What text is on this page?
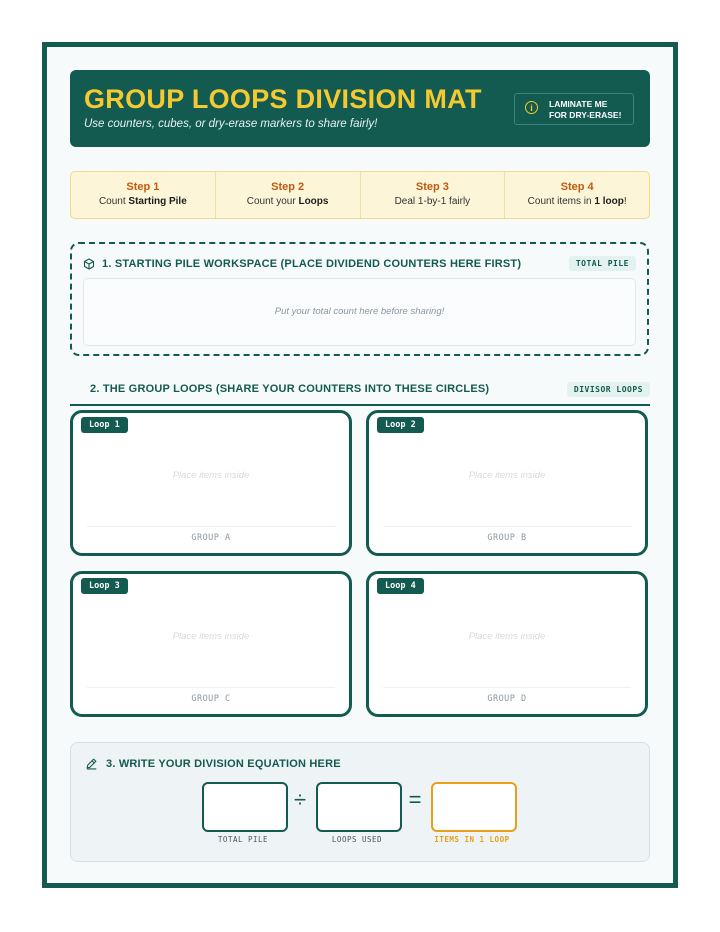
GROUP LOOPS DIVISION MAT
Use counters, cubes, or dry-erase markers to share fairly!
i	LAMINATE ME
FOR DRY-ERASE!
Step 1
Count Starting Pile
Step 2
Count your Loops
Step 3
Deal 1-by-1 fairly
Step 4
Count items in 1 loop!
1. STARTING PILE WORKSPACE (PLACE DIVIDEND COUNTERS HERE FIRST)	TOTAL PILE
Put your total count here before sharing!
2. THE GROUP LOOPS (SHARE YOUR COUNTERS INTO THESE CIRCLES)	DIVISOR LOOPS
Loop 1
Place items inside
GROUP A
Loop 2
Place items inside
GROUP B
Loop 3
Place items inside
GROUP C
Loop 4
Place items inside
GROUP D
3. WRITE YOUR DIVISION EQUATION HERE
÷	=
TOTAL PILE	LOOPS USED	ITEMS IN 1 LOOP
